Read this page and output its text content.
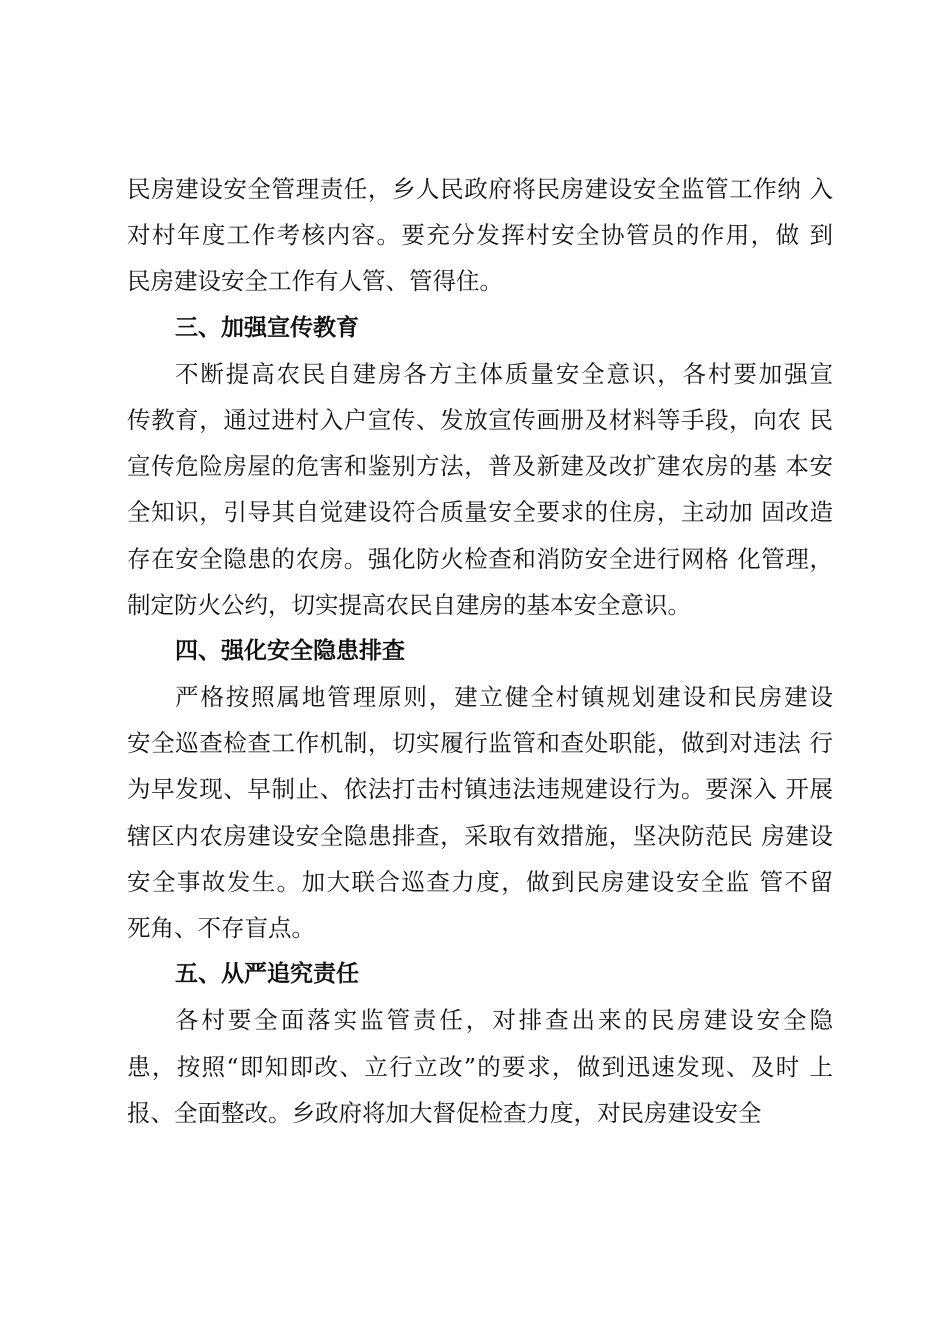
民房建设安全管理责任，乡人民政府将民房建设安全监管工作纳 入
对村年度工作考核内容。要充分发挥村安全协管员的作用，做 到
民房建设安全工作有人管、管得住。
三、加强宣传教育
不断提高农民自建房各方主体质量安全意识，各村要加强宣
传教育，通过进村入户宣传、发放宣传画册及材料等手段，向农 民
宣传危险房屋的危害和鉴别方法，普及新建及改扩建农房的基 本安
全知识，引导其自觉建设符合质量安全要求的住房，主动加 固改造
存在安全隐患的农房。强化防火检查和消防安全进行网格 化管理，
制定防火公约，切实提高农民自建房的基本安全意识。
四、强化安全隐患排查
严格按照属地管理原则，建立健全村镇规划建设和民房建设
安全巡查检查工作机制，切实履行监管和查处职能，做到对违法 行
为早发现、早制止、依法打击村镇违法违规建设行为。要深入 开展
辖区内农房建设安全隐患排查，采取有效措施，坚决防范民 房建设
安全事故发生。加大联合巡查力度，做到民房建设安全监 管不留
死角、不存盲点。
五、从严追究责任
各村要全面落实监管责任，对排查出来的民房建设安全隐
患，按照“即知即改、立行立改”的要求，做到迅速发现、及时 上
报、全面整改。乡政府将加大督促检查力度，对民房建设安全
